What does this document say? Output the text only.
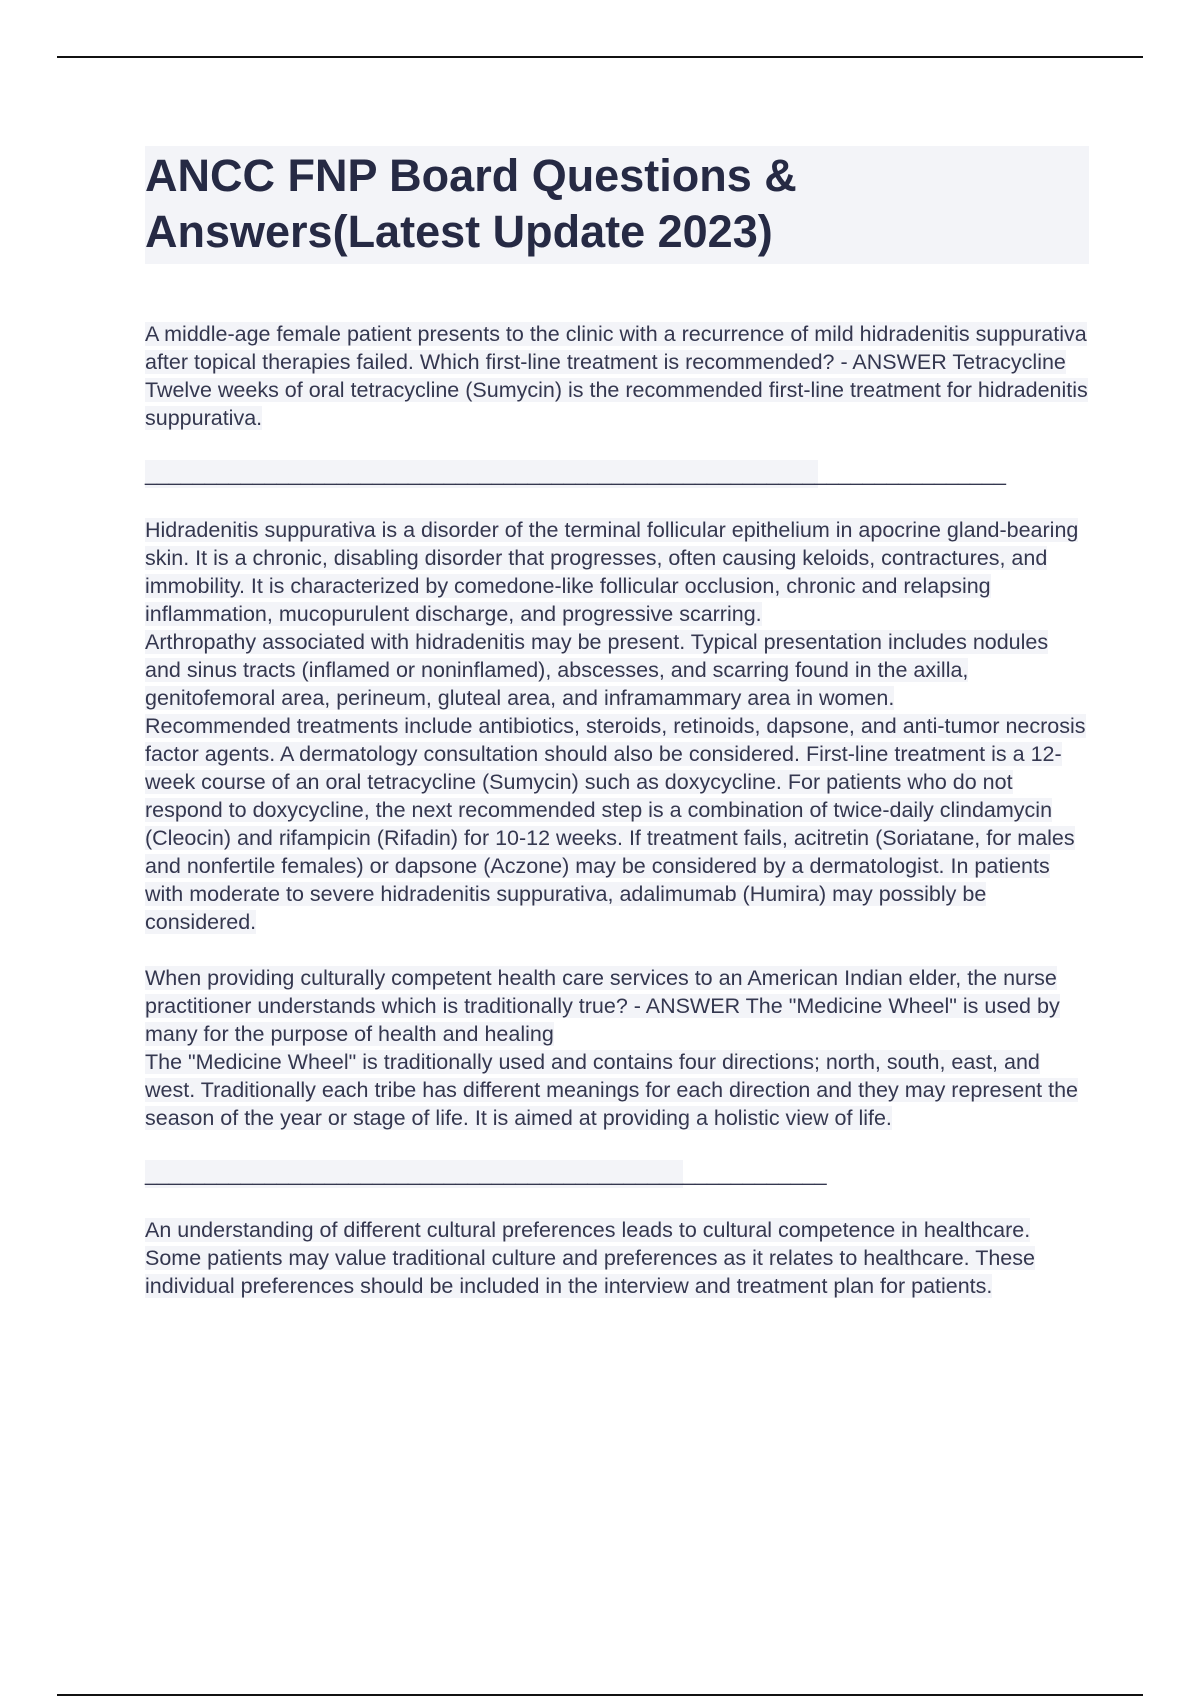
ANCC FNP Board Questions & Answers(Latest Update 2023)

A middle-age female patient presents to the clinic with a recurrence of mild hidradenitis suppurativa after topical therapies failed. Which first-line treatment is recommended? - ANSWER Tetracycline

Twelve weeks of oral tetracycline (Sumycin) is the recommended first-line treatment for hidradenitis suppurativa.

________________________________________________________________________

Hidradenitis suppurativa is a disorder of the terminal follicular epithelium in apocrine gland-bearing skin. It is a chronic, disabling disorder that progresses, often causing keloids, contractures, and immobility. It is characterized by comedone-like follicular occlusion, chronic and relapsing inflammation, mucopurulent discharge, and progressive scarring.

Arthropathy associated with hidradenitis may be present. Typical presentation includes nodules and sinus tracts (inflamed or noninflamed), abscesses, and scarring found in the axilla, genitofemoral area, perineum, gluteal area, and inframammary area in women.

Recommended treatments include antibiotics, steroids, retinoids, dapsone, and anti-tumor necrosis factor agents. A dermatology consultation should also be considered. First-line treatment is a 12-week course of an oral tetracycline (Sumycin) such as doxycycline. For patients who do not respond to doxycycline, the next recommended step is a combination of twice-daily clindamycin (Cleocin) and rifampicin (Rifadin) for 10-12 weeks. If treatment fails, acitretin (Soriatane, for males and nonfertile females) or dapsone (Aczone) may be considered by a dermatologist. In patients with moderate to severe hidradenitis suppurativa, adalimumab (Humira) may possibly be considered.

When providing culturally competent health care services to an American Indian elder, the nurse practitioner understands which is traditionally true? - ANSWER The "Medicine Wheel" is used by many for the purpose of health and healing

The "Medicine Wheel" is traditionally used and contains four directions; north, south, east, and west. Traditionally each tribe has different meanings for each direction and they may represent the season of the year or stage of life. It is aimed at providing a holistic view of life.

_________________________________________________________

An understanding of different cultural preferences leads to cultural competence in healthcare. Some patients may value traditional culture and preferences as it relates to healthcare. These individual preferences should be included in the interview and treatment plan for patients.
